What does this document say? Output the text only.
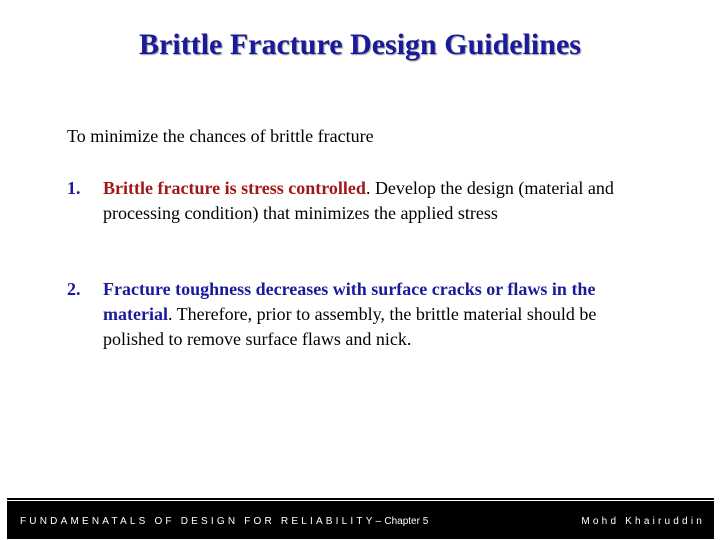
Brittle Fracture Design Guidelines
To minimize the chances of brittle fracture
1. Brittle fracture is stress controlled. Develop the design (material and processing condition) that minimizes the applied stress
2. Fracture toughness decreases with surface cracks or flaws in the material. Therefore, prior to assembly, the brittle material should be polished to remove surface flaws and nick.
FUNDAMENATALS OF DESIGN FOR RELIABILITY–Chapter 5	Mohd Khairuddin
